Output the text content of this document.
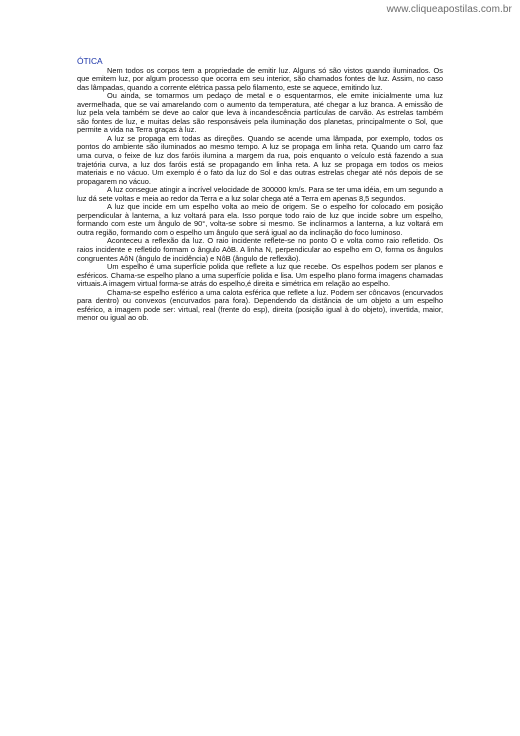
www.cliqueapostilas.com.br
ÓTICA

Nem todos os corpos tem a propriedade de emitir luz. Alguns só são vistos quando iluminados. Os que emitem luz, por algum processo que ocorra em seu interior, são chamados fontes de luz. Assim, no caso das lâmpadas, quando a corrente elétrica passa pelo filamento, este se aquece, emitindo luz.

Ou ainda, se tomarmos um pedaço de metal e o esquentarmos, ele emite inicialmente uma luz avermelhada, que se vai amarelando com o aumento da temperatura, até chegar a luz branca. A emissão de luz pela vela também se deve ao calor que leva à incandescência partículas de carvão. As estrelas também são fontes de luz, e muitas delas são responsáveis pela iluminação dos planetas, principalmente o Sol, que permite a vida na Terra graças à luz.

A luz se propaga em todas as direções. Quando se acende uma lâmpada, por exemplo, todos os pontos do ambiente são iluminados ao mesmo tempo. A luz se propaga em linha reta. Quando um carro faz uma curva, o feixe de luz dos faróis ilumina a margem da rua, pois enquanto o veículo está fazendo a sua trajetória curva, a luz dos faróis está se propagando em linha reta. A luz se propaga em todos os meios materiais e no vácuo. Um exemplo é o fato da luz do Sol e das outras estrelas chegar até nós depois de se propagarem no vácuo.

A luz consegue atingir a incrível velocidade de 300000 km/s. Para se ter uma idéia, em um segundo a luz dá sete voltas e meia ao redor da Terra e a luz solar chega até a Terra em apenas 8,5 segundos.

A luz que incide em um espelho volta ao meio de origem. Se o espelho for colocado em posição perpendicular à lanterna, a luz voltará para ela. Isso porque todo raio de luz que incide sobre um espelho, formando com este um ângulo de 90°, volta-se sobre si mesmo. Se inclinarmos a lanterna, a luz voltará em outra região, formando com o espelho um ângulo que será igual ao da inclinação do foco luminoso.

Aconteceu a reflexão da luz. O raio incidente reflete-se no ponto O e volta como raio refletido. Os raios incidente e refletido formam o ângulo AôB. A linha N, perpendicular ao espelho em O, forma os ângulos congruentes AôN (ângulo de incidência) e NôB (ângulo de reflexão).

Um espelho é uma superfície polida que reflete a luz que recebe. Os espelhos podem ser planos e esféricos. Chama-se espelho plano a uma superfície polida e lisa. Um espelho plano forma imagens chamadas virtuais.A imagem virtual forma-se atrás do espelho,é direita e simétrica em relação ao espelho.

Chama-se espelho esférico a uma calota esférica que reflete a luz. Podem ser côncavos (encurvados para dentro) ou convexos (encurvados para fora). Dependendo da distância de um objeto a um espelho esférico, a imagem pode ser: virtual, real (frente do esp), direita (posição igual à do objeto), invertida, maior, menor ou igual ao ob.
